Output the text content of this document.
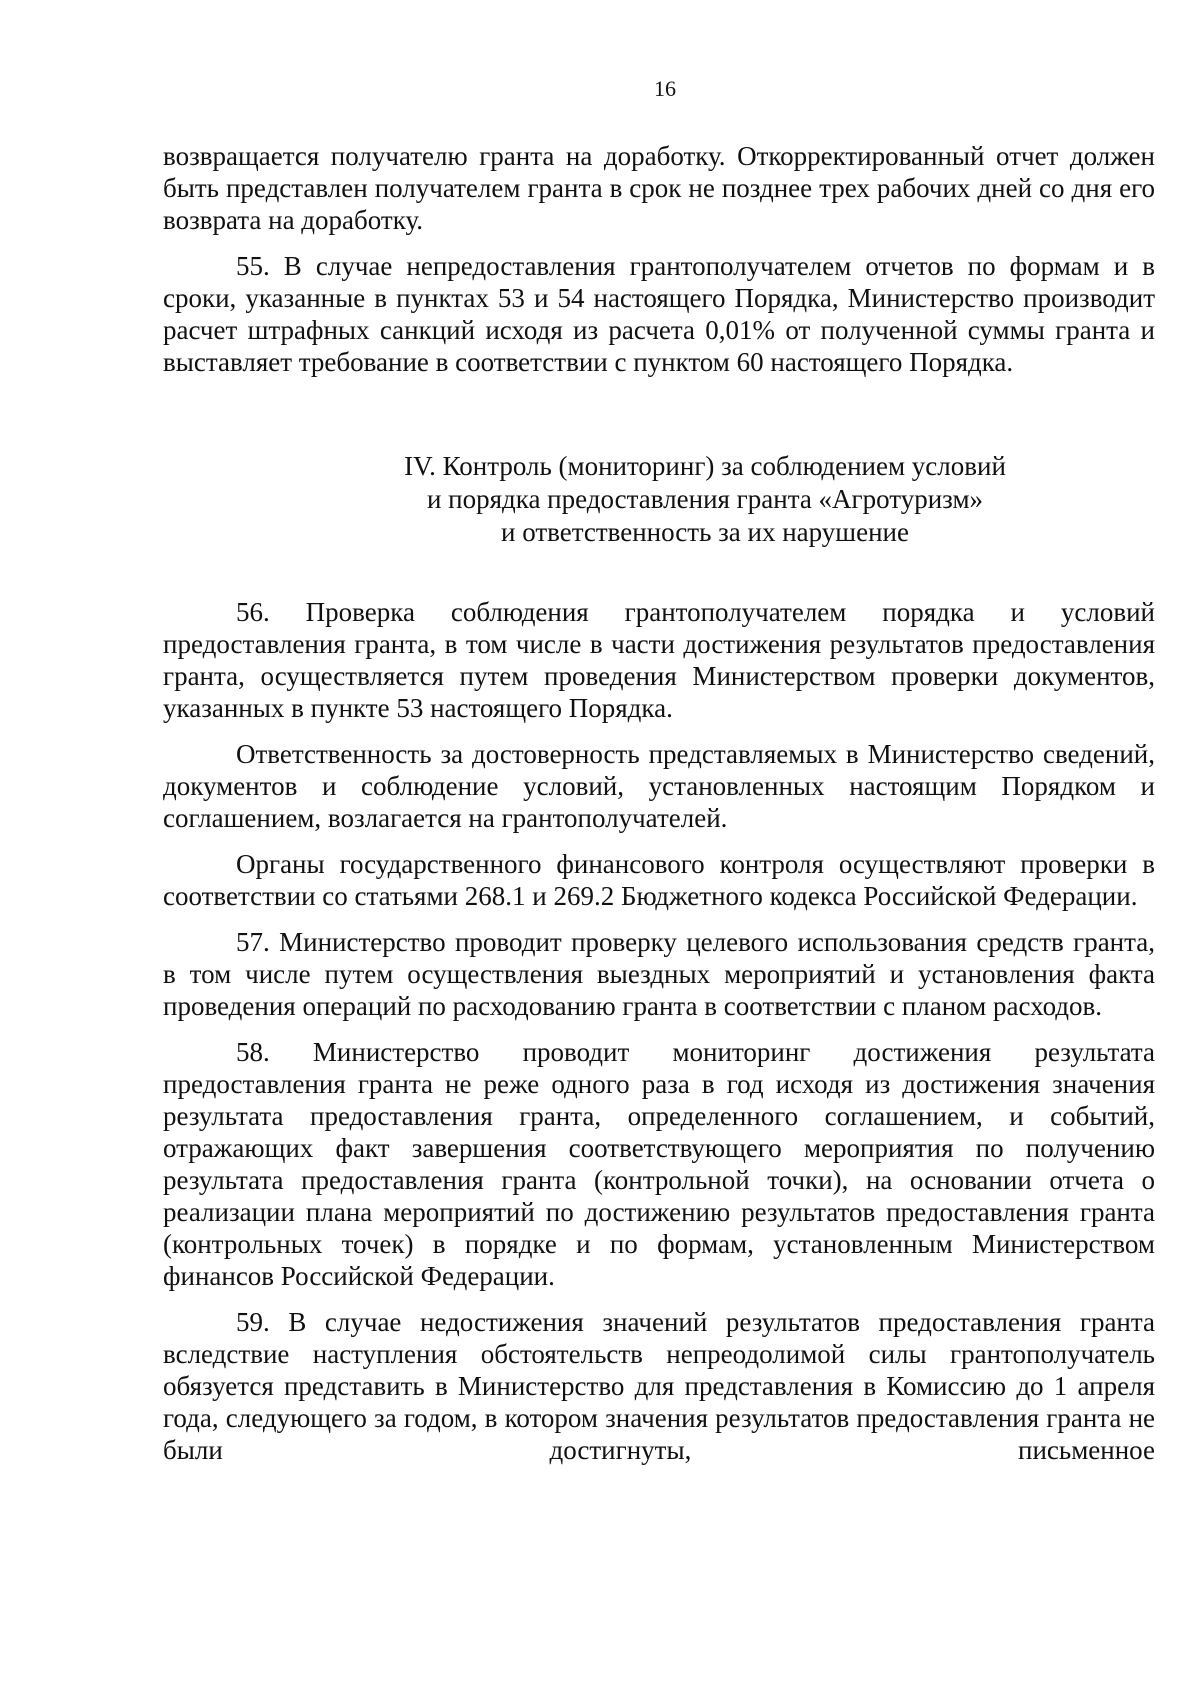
16

возвращается получателю гранта на доработку. Откорректированный отчет должен быть представлен получателем гранта в срок не позднее трех рабочих дней со дня его возврата на доработку.

55. В случае непредоставления грантополучателем отчетов по формам и в сроки, указанные в пунктах 53 и 54 настоящего Порядка, Министерство производит расчет штрафных санкций исходя из расчета 0,01% от полученной суммы гранта и выставляет требование в соответствии с пунктом 60 настоящего Порядка.

IV. Контроль (мониторинг) за соблюдением условий
и порядка предоставления гранта «Агротуризм»
и ответственность за их нарушение

56. Проверка соблюдения грантополучателем порядка и условий предоставления гранта, в том числе в части достижения результатов предоставления гранта, осуществляется путем проведения Министерством проверки документов, указанных в пункте 53 настоящего Порядка.

Ответственность за достоверность представляемых в Министерство сведений, документов и соблюдение условий, установленных настоящим Порядком и соглашением, возлагается на грантополучателей.

Органы государственного финансового контроля осуществляют проверки в соответствии со статьями 268.1 и 269.2 Бюджетного кодекса Российской Федерации.

57. Министерство проводит проверку целевого использования средств гранта, в том числе путем осуществления выездных мероприятий и установления факта проведения операций по расходованию гранта в соответствии с планом расходов.

58. Министерство проводит мониторинг достижения результата предоставления гранта не реже одного раза в год исходя из достижения значения результата предоставления гранта, определенного соглашением, и событий, отражающих факт завершения соответствующего мероприятия по получению результата предоставления гранта (контрольной точки), на основании отчета о реализации плана мероприятий по достижению результатов предоставления гранта (контрольных точек) в порядке и по формам, установленным Министерством финансов Российской Федерации.

59. В случае недостижения значений результатов предоставления гранта вследствие наступления обстоятельств непреодолимой силы грантополучатель обязуется представить в Министерство для представления в Комиссию до 1 апреля года, следующего за годом, в котором значения результатов предоставления гранта не были достигнуты, письменное
